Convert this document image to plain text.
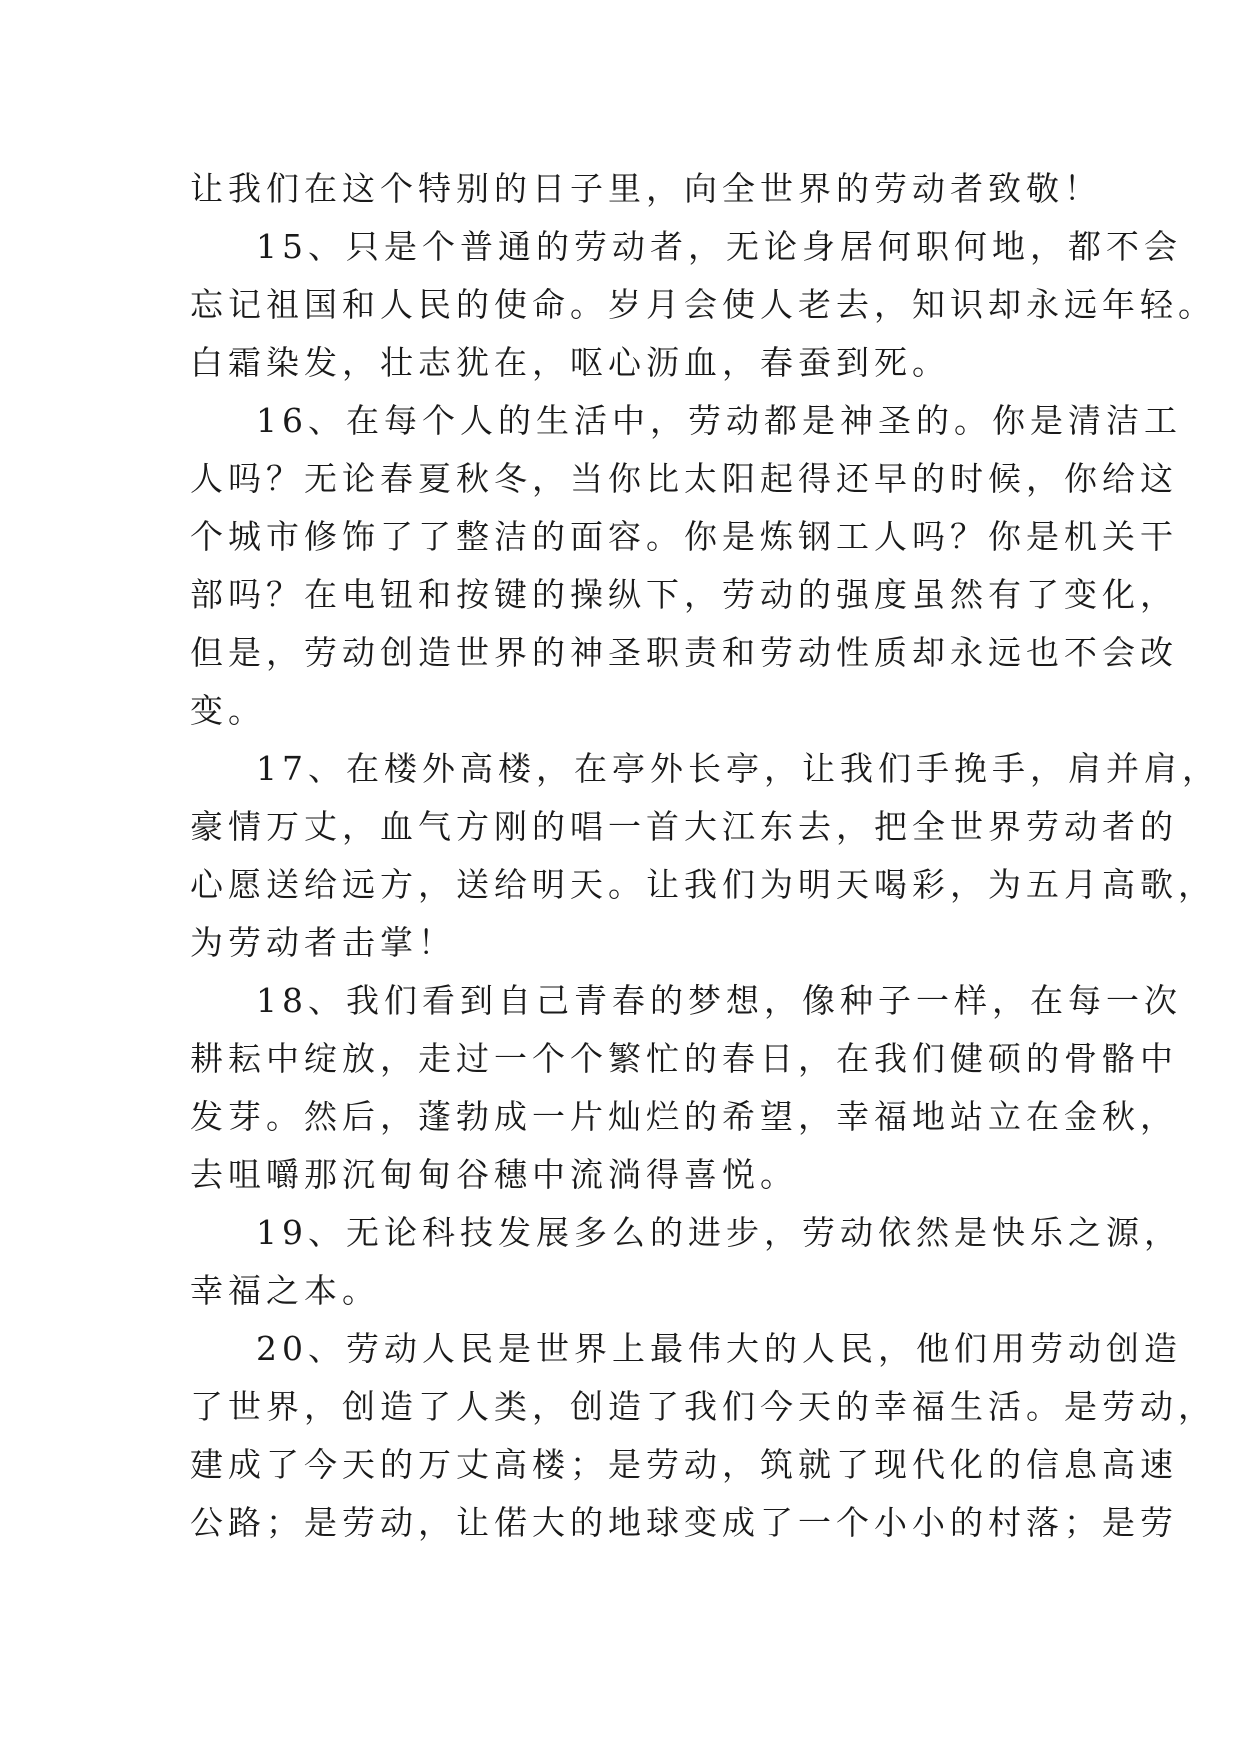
让我们在这个特别的日子里，向全世界的劳动者致敬！
15、只是个普通的劳动者，无论身居何职何地，都不会
忘记祖国和人民的使命。岁月会使人老去，知识却永远年轻。
白霜染发，壮志犹在，呕心沥血，春蚕到死。
16、在每个人的生活中，劳动都是神圣的。你是清洁工
人吗？无论春夏秋冬，当你比太阳起得还早的时候，你给这
个城市修饰了了整洁的面容。你是炼钢工人吗？你是机关干
部吗？在电钮和按键的操纵下，劳动的强度虽然有了变化，
但是，劳动创造世界的神圣职责和劳动性质却永远也不会改
变。
17、在楼外高楼，在亭外长亭，让我们手挽手，肩并肩，
豪情万丈，血气方刚的唱一首大江东去，把全世界劳动者的
心愿送给远方，送给明天。让我们为明天喝彩，为五月高歌，
为劳动者击掌！
18、我们看到自己青春的梦想，像种子一样，在每一次
耕耘中绽放，走过一个个繁忙的春日，在我们健硕的骨骼中
发芽。然后，蓬勃成一片灿烂的希望，幸福地站立在金秋，
去咀嚼那沉甸甸谷穗中流淌得喜悦。
19、无论科技发展多么的进步，劳动依然是快乐之源，
幸福之本。
20、劳动人民是世界上最伟大的人民，他们用劳动创造
了世界，创造了人类，创造了我们今天的幸福生活。是劳动，
建成了今天的万丈高楼；是劳动，筑就了现代化的信息高速
公路；是劳动，让偌大的地球变成了一个小小的村落；是劳
